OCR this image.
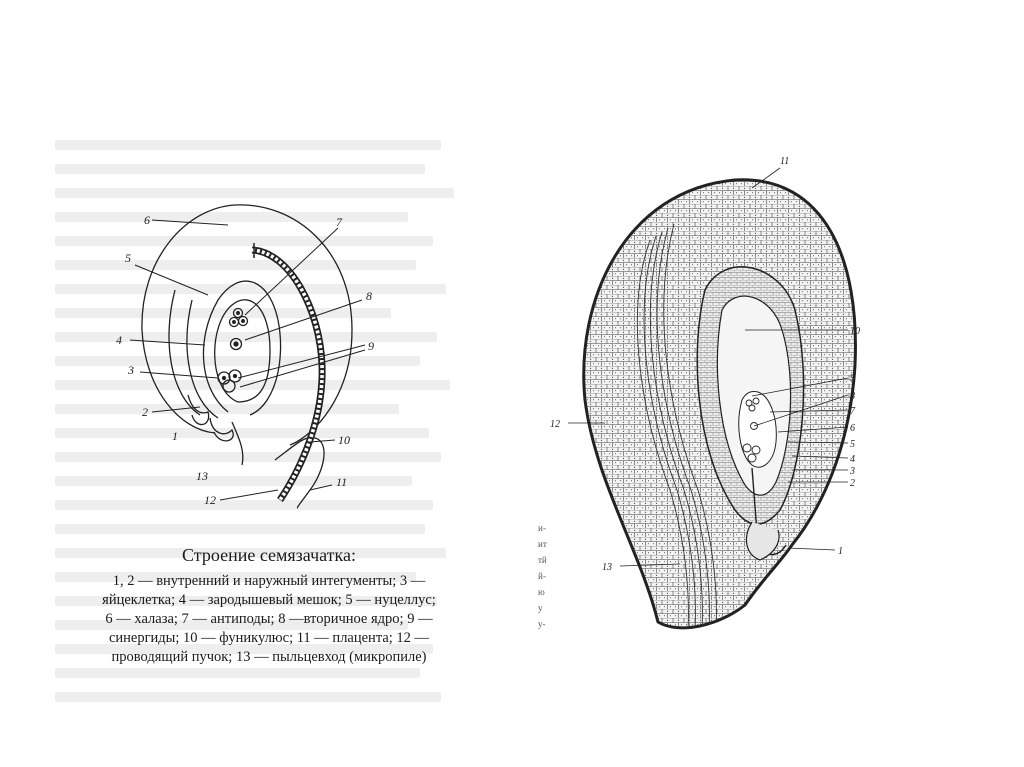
1
2
3
4
5
6	7
8
9
10
11
12
13
1
2
3
4
5
6
7
8
9
10
11
12
13
и-
ит
тй
й-
ю
у
у-
Строение семязачатка:
1, 2 — внутренний и наружный интегументы; 3 —
яйцеклетка; 4 — зародышевый мешок; 5 — нуцеллус;
6 — халаза; 7 — антиподы; 8 —вторичное ядро; 9 —
синергиды; 10 — фуникулюс; 11 — плацента; 12 —
проводящий пучок; 13 — пыльцевход (микропиле)
